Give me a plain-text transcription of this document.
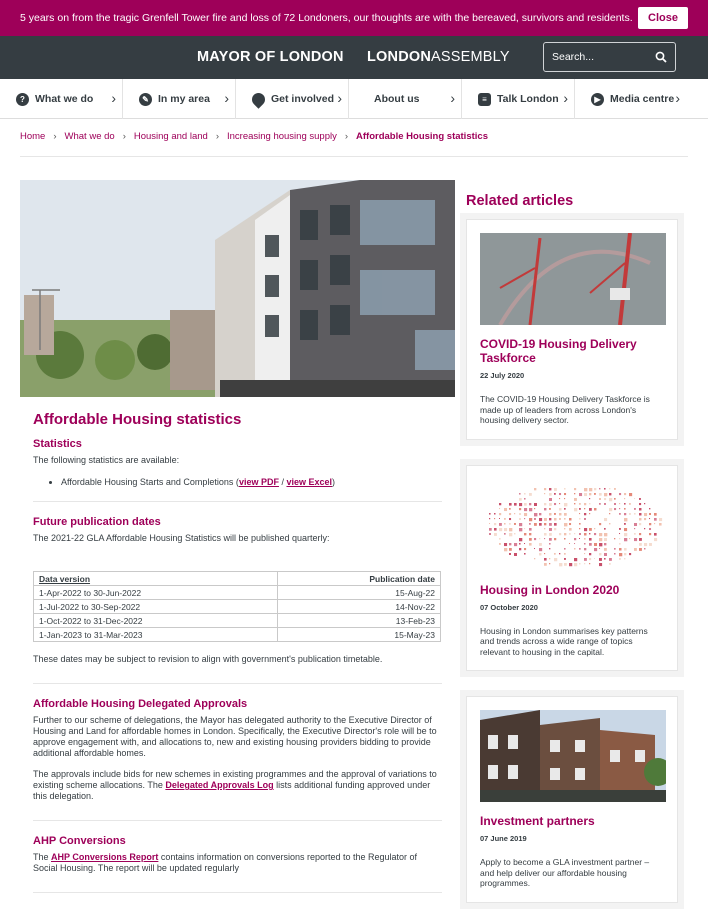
5 years on from the tragic Grenfell Tower fire and loss of 72 Londoners, our thoughts are with the bereaved, survivors and residents.	Close
MAYOR OF LONDON LONDONASSEMBLY
Search...
? What we do ›	✎ In my area ›	Get involved ›	About us ›	≡ Talk London ›	▶ Media centre ›
Home › What we do › Housing and land › Increasing housing supply › Affordable Housing statistics
Affordable Housing statistics
Statistics

The following statistics are available:

• Affordable Housing Starts and Completions (view PDF / view Excel)
Future publication dates

The 2021-22 GLA Affordable Housing Statistics will be published quarterly:

Data version	Publication date
1-Apr-2022 to 30-Jun-2022	15-Aug-22
1-Jul-2022 to 30-Sep-2022	14-Nov-22
1-Oct-2022 to 31-Dec-2022	13-Feb-23
1-Jan-2023 to 31-Mar-2023	15-May-23

These dates may be subject to revision to align with government's publication timetable.

Affordable Housing Delegated Approvals

Further to our scheme of delegations, the Mayor has delegated authority to the Executive Director of Housing and Land for affordable homes in London. Specifically, the Executive Director's role will be to approve engagement with, and allocations to, new and existing housing providers bidding to provide additional affordable homes.

The approvals include bids for new schemes in existing programmes and the approval of variations to existing scheme allocations. The Delegated Approvals Log lists additional funding approved under this delegation.

AHP Conversions

The AHP Conversions Report contains information on conversions reported to the Regulator of Social Housing. The report will be updated regularly

Related articles
COVID-19 Housing Delivery Taskforce
22 July 2020
The COVID-19 Housing Delivery Taskforce is made up of leaders from across London's housing delivery sector.
Housing in London 2020
07 October 2020
Housing in London summarises key patterns and trends across a wide range of topics relevant to housing in the capital.
Investment partners
07 June 2019
Apply to become a GLA investment partner – and help deliver our affordable housing programmes.
